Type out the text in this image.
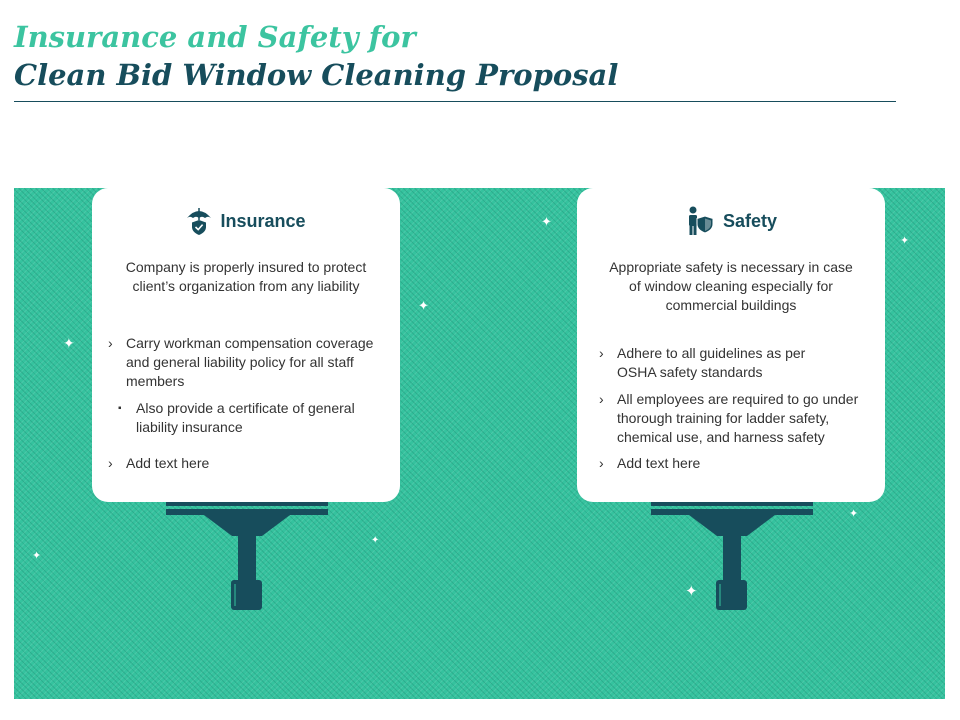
Insurance and Safety for
Clean Bid Window Cleaning Proposal
✦
✦
✦
✦
✦
✦
✦
✦
Insurance
Company is properly insured to protect client’s organization from any liability
› Carry workman compensation coverage and general liability policy for all staff members
▪ Also provide a certificate of general liability insurance
› Add text here
Safety
Appropriate safety is necessary in case of window cleaning especially for commercial buildings
› Adhere to all guidelines as per OSHA safety standards
› All employees are required to go under thorough training for ladder safety, chemical use, and harness safety
› Add text here
